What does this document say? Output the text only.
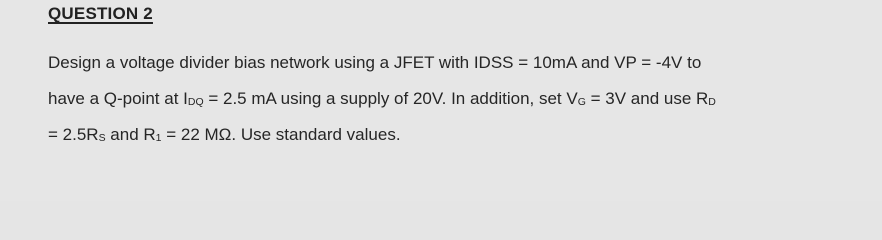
QUESTION 2
Design a voltage divider bias network using a JFET with IDSS = 10mA and VP = -4V to
have a Q-point at IDQ = 2.5 mA using a supply of 20V. In addition, set VG = 3V and use RD
= 2.5RS and R1 = 22 MΩ. Use standard values.
